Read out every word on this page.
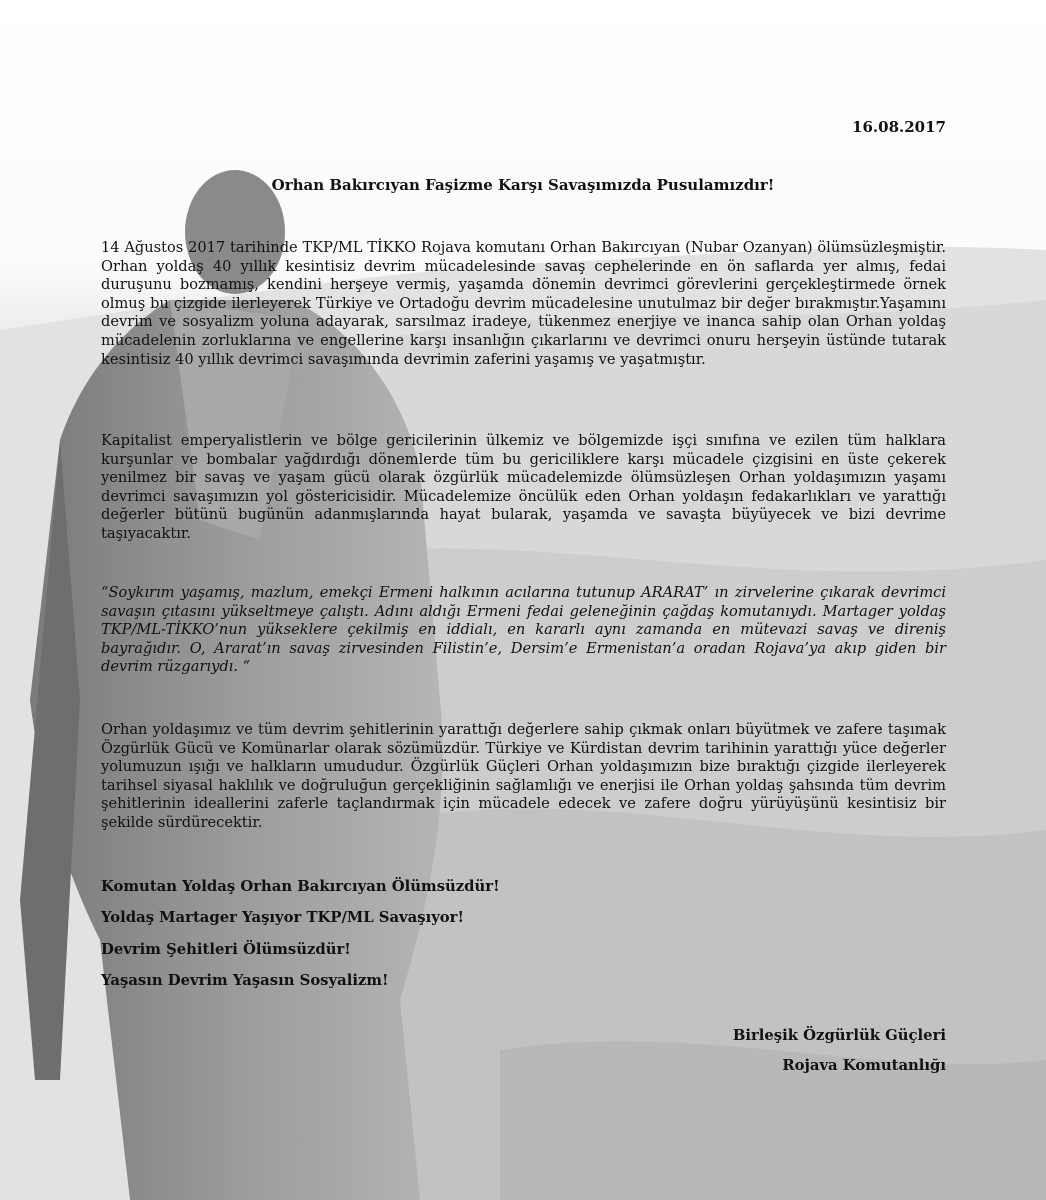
16.08.2017
Orhan Bakırcıyan Faşizme Karşı Savaşımızda Pusulamızdır!
14 Ağustos 2017 tarihinde TKP/ML TİKKO Rojava komutanı Orhan Bakırcıyan (Nubar Ozanyan) ölümsüzleşmiştir. Orhan yoldaş 40 yıllık kesintisiz devrim mücadelesinde savaş cephelerinde en ön saflarda yer almış, fedai duruşunu bozmamış, kendini herşeye vermiş, yaşamda dönemin devrimci görevlerini gerçekleştirmede örnek olmuş bu çizgide ilerleyerek Türkiye ve Ortadoğu devrim mücadelesine unutulmaz bir değer bırakmıştır.Yaşamını devrim ve sosyalizm yoluna adayarak, sarsılmaz iradeye, tükenmez enerjiye ve inanca sahip olan Orhan yoldaş mücadelenin zorluklarına ve engellerine karşı insanlığın çıkarlarını ve devrimci onuru herşeyin üstünde tutarak kesintisiz 40 yıllık devrimci savaşımında devrimin zaferini yaşamış ve yaşatmıştır.
Kapitalist emperyalistlerin ve bölge gericilerinin ülkemiz ve bölgemizde işçi sınıfına ve ezilen tüm halklara kurşunlar ve bombalar yağdırdığı dönemlerde tüm bu gericiliklere karşı mücadele çizgisini en üste çekerek yenilmez bir savaş ve yaşam gücü olarak özgürlük mücadelemizde ölümsüzleşen Orhan yoldaşımızın yaşamı devrimci savaşımızın yol göstericisidir. Mücadelemize öncülük eden Orhan yoldaşın fedakarlıkları ve yarattığı değerler bütünü bugünün adanmışlarında hayat bularak, yaşamda ve savaşta büyüyecek ve bizi devrime taşıyacaktır.
“Soykırım yaşamış, mazlum, emekçi Ermeni halkının acılarına tutunup ARARAT’ ın zirvelerine çıkarak devrimci savaşın çıtasını yükseltmeye çalıştı. Adını aldığı Ermeni fedai geleneğinin çağdaş komutanıydı. Martager yoldaş TKP/ML-TİKKO’nun yükseklere çekilmiş en iddialı, en kararlı aynı zamanda en mütevazi savaş ve direniş bayrağıdır. O, Ararat’ın savaş zirvesinden Filistin’e, Dersim’e Ermenistan’a oradan Rojava’ya akıp giden bir devrim rüzgarıydı. “
Orhan yoldaşımız ve tüm devrim şehitlerinin yarattığı değerlere sahip çıkmak onları büyütmek ve zafere taşımak Özgürlük Gücü ve Komünarlar olarak sözümüzdür. Türkiye ve Kürdistan devrim tarihinin yarattığı yüce değerler yolumuzun ışığı ve halkların umududur. Özgürlük Güçleri Orhan yoldaşımızın bize bıraktığı çizgide ilerleyerek tarihsel siyasal haklılık ve doğruluğun gerçekliğinin sağlamlığı ve enerjisi ile Orhan yoldaş şahsında tüm devrim şehitlerinin ideallerini zaferle taçlandırmak için mücadele edecek ve zafere doğru yürüyüşünü kesintisiz bir şekilde sürdürecektir.
Komutan Yoldaş Orhan Bakırcıyan Ölümsüzdür!
Yoldaş Martager Yaşıyor TKP/ML Savaşıyor!
Devrim Şehitleri Ölümsüzdür!
Yaşasın Devrim Yaşasın Sosyalizm!
Birleşik Özgürlük Güçleri
Rojava Komutanlığı
